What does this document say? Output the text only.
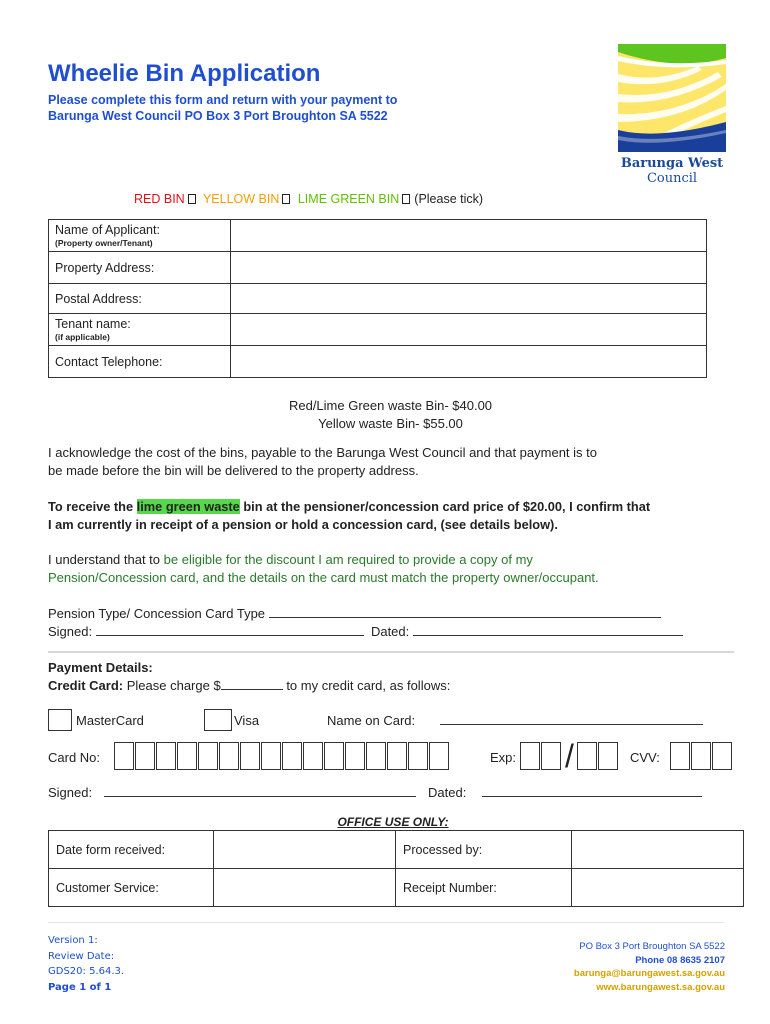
Wheelie Bin Application
Please complete this form and return with your payment to
Barunga West Council PO Box 3 Port Broughton SA 5522
Barunga West
Council
RED BIN YELLOW BIN LIME GREEN BIN (Please tick)
Name of Applicant:
(Property owner/Tenant)	

Property Address:	
Postal Address:	
Tenant name:
(if applicable)	

Contact Telephone:	
Red/Lime Green waste Bin- $40.00
Yellow waste Bin- $55.00
I acknowledge the cost of the bins, payable to the Barunga West Council and that payment is to
be made before the bin will be delivered to the property address.
To receive the lime green waste bin at the pensioner/concession card price of $20.00, I confirm that
I am currently in receipt of a pension or hold a concession card, (see details below).
I understand that to be eligible for the discount I am required to provide a copy of my
Pension/Concession card, and the details on the card must match the property owner/occupant.
Pension Type/ Concession Card Type
Signed:	Dated:
Payment Details:
Credit Card: Please charge $	to my credit card, as follows:
MasterCard	Visa	Name on Card:
Card No:	Exp:	/	CVV:
Signed:	Dated:
OFFICE USE ONLY:
Date form received:		Processed by:	
Customer Service:		Receipt Number:	
Version 1:
Review Date:
GDS20: 5.64.3.
Page 1 of 1
PO Box 3 Port Broughton SA 5522
Phone 08 8635 2107
barunga@barungawest.sa.gov.au
www.barungawest.sa.gov.au
